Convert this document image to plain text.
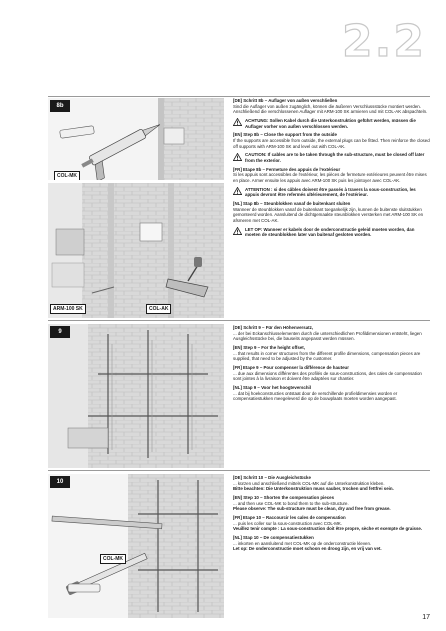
2.2
8b
COL-MK
ARM-100 SK	COL-AK
9
10
COL-MK

[DE] Schritt 8b – Auflager von außen verschließen
Sind die Auflager von außen zugänglich, können die äußeren Verschlussstücke montiert werden. Anschließend die verschlossenen Auflager mit ARM-100 SK armieren und mit COL-AK abspachteln.

ACHTUNG: Sollen Kabel durch die Unterkonstruktion geführt werden, müssen die Auflager vorher von außen verschlossen werden.

[EN] Step 8b – Close the support from the outside
If the supports are accessible from outside, the external plugs can be fitted. Then reinforce the closed off supports with ARM-100 SK and level out with COL-AK.

CAUTION: If cables are to be taken through the sub-structure, must be closed off later from the exterior.

[FR] Etape 8b – Fermeture des appuis de l'extérieur
Si les appuis sont accessibles de l'extérieur, les pièces de fermeture extérieures peuvent être mises en place. Armer ensuite les appuis avec ARM-100 SK puis les jointoyer avec COL-AK.

ATTENTION : si des câbles doivent être passés à travers la sous-construction, les appuis devront être refermés ultérieurement, de l'extérieur.

[NL] Stap 8b – Steunblokken vanaf de buitenkant sluiten
Wanneer de steunblokken vanaf de buitenkant toegankelijk zijn, kunnen de buitenste sluitstukken gemonteerd worden. Aansluitend de dichtgemaakte steunblokken versterken met ARM-100 SK en afsmeren met COL-AK.

LET OP: Wanneer er kabels door de onderconstructie geleid moeten worden, dan moeten de steunblokken later van buitenaf gesloten worden.

[DE] Schritt 9 – Für den Höhenversatz,
... der bei Eckanschlusselementen durch die unterschiedlichen Profildimensionen entsteht, liegen Ausgleichsstücke bei, die bauseits angepasst werden müssen.

[EN] Step 9 – For the height offset,
... that results in corner structures from the different profile dimensions, compensation pieces are supplied, that need to be adjusted by the customer.

[FR] Etape 9 – Pour compenser la différence de hauteur
... due aux dimensions différentes des profilés de sous-constructions, des cales de compensation sont jointes à la livraison et doivent être adaptées sur chantier.

[NL] Stap 9 – Voor het hoogteverschil
... dat bij hoekconstructies ontstaat door de verschillende profieldimensies worden er compensatiestukken meegeleverd die op de bouwplaats moeten worden aangepast.

[DE] Schritt 10 – Die Ausgleichstücke
... kürzen und anschließend mittels COL-MK auf die Unterkonstruktion kleben.
Bitte beachten: Die Unterkonstruktion muss sauber, trocken und fettfrei sein.

[EN] Step 10 – Shorten the compensation pieces
... and then use COL-MK to bond them to the sub-structure.
Please observe: The sub-structure must be clean, dry and free from grease.

[FR] Etape 10 – Raccourcir les cales de compensation
... puis les coller sur la sous-construction avec COL-MK.
Veuillez tenir compte : La sous-construction doit être propre, sèche et exempte de graisse.

[NL] Stap 10 – De compensatiestukken
... inkorten en aansluitend met COL-MK op de onderconstructie kleven.
Let op: De onderconstructie moet schoon en droog zijn, en vrij van vet.

17
